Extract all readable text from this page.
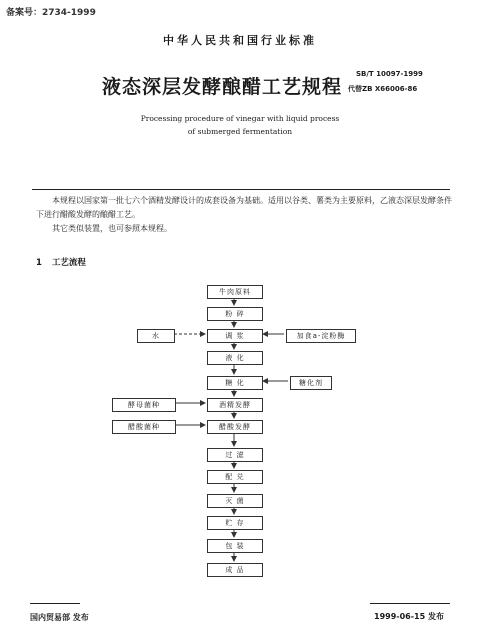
备案号：2734-1999
中华人民共和国行业标准
液态深层发酵酿醋工艺规程
SB/T 10097-1999
代替ZB X66006-86
Processing procedure of vinegar with liquid process
of submerged fermentation

本规程以国家第一批七六个酒精发酵设计的成套设备为基础。适用以谷类、薯类为主要原料，乙液态深层发酵条件下进行醋酸发酵的酿醋工艺。

其它类似装置，也可参照本规程。

1 工艺流程
牛肉原料
粉 碎
调 浆
液 化
糖 化
酒精发酵
醋酸发酵
过 滤
配 兑
灭 菌
贮 存
包 装
成 品
水	加食a-淀粉酶
糖化剂
酵母菌种
醋酸菌种
国内贸易部 发布	1999-06-15 发布
